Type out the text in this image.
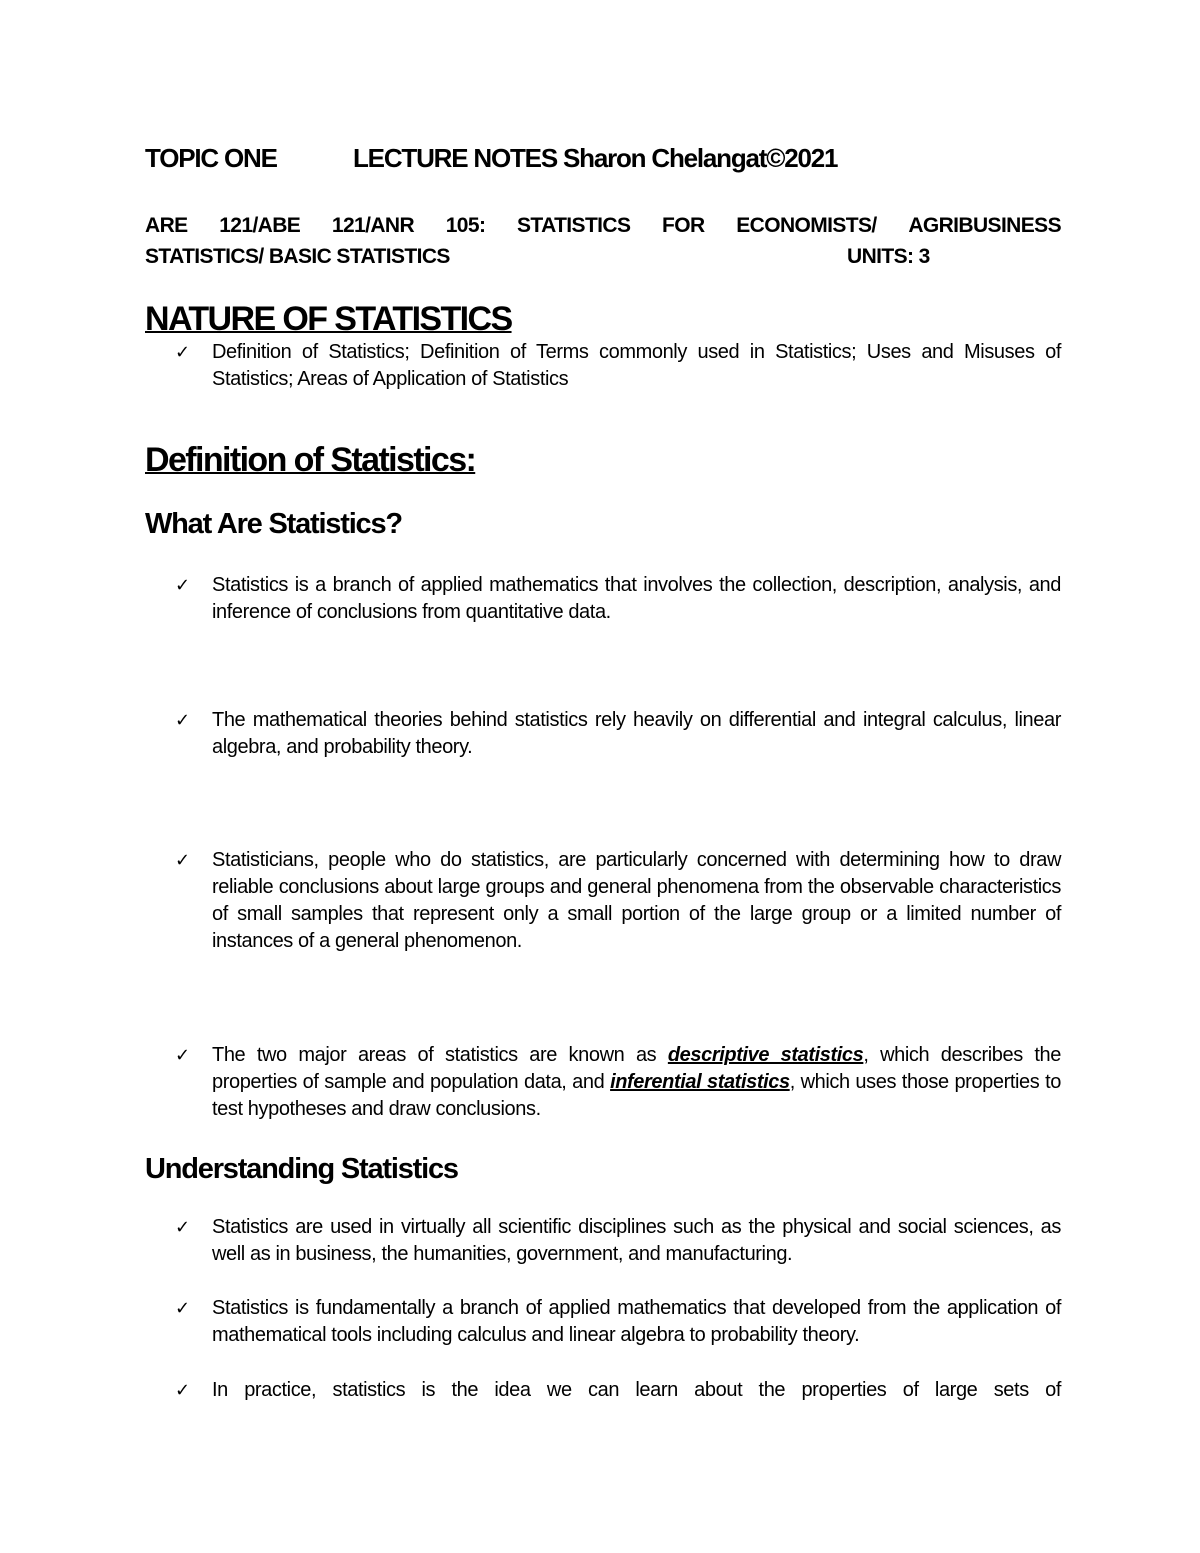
TOPIC ONE	LECTURE NOTES Sharon Chelangat©2021
ARE 121/ABE 121/ANR 105: STATISTICS FOR ECONOMISTS/ AGRIBUSINESS
STATISTICS/ BASIC STATISTICS	UNITS: 3
NATURE OF STATISTICS
✓ Definition of Statistics; Definition of Terms commonly used in Statistics; Uses and Misuses of Statistics; Areas of Application of Statistics
Definition of Statistics:
What Are Statistics?
✓ Statistics is a branch of applied mathematics that involves the collection, description, analysis, and inference of conclusions from quantitative data.
✓ The mathematical theories behind statistics rely heavily on differential and integral calculus, linear algebra, and probability theory.
✓ Statisticians, people who do statistics, are particularly concerned with determining how to draw reliable conclusions about large groups and general phenomena from the observable characteristics of small samples that represent only a small portion of the large group or a limited number of instances of a general phenomenon.
✓ The two major areas of statistics are known as descriptive statistics, which describes the properties of sample and population data, and inferential statistics, which uses those properties to test hypotheses and draw conclusions.
Understanding Statistics
✓ Statistics are used in virtually all scientific disciplines such as the physical and social sciences, as well as in business, the humanities, government, and manufacturing.
✓ Statistics is fundamentally a branch of applied mathematics that developed from the application of mathematical tools including calculus and linear algebra to probability theory.
✓ In practice, statistics is the idea we can learn about the properties of large sets of
